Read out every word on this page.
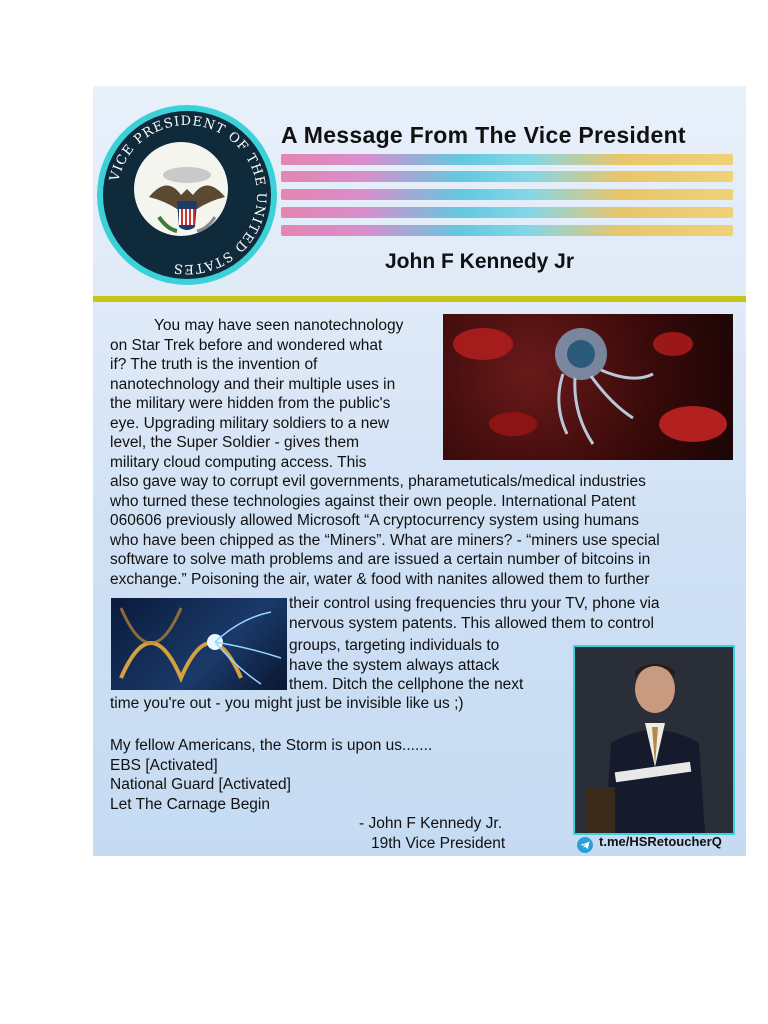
VICE PRESIDENT OF THE UNITED STATES
A Message From The Vice President
John F Kennedy Jr
You may have seen nanotechnology
on Star Trek before and wondered what
if? The truth is the invention of
nanotechnology and their multiple uses in
the military were hidden from the public's
eye. Upgrading military soldiers to a new
level, the Super Soldier - gives them
military cloud computing access. This
also gave way to corrupt evil governments, pharametuticals/medical industries
who turned these technologies against their own people. International Patent
060606 previously allowed Microsoft “A cryptocurrency system using humans
who have been chipped as the “Miners”. What are miners? - “miners use special
software to solve math problems and are issued a certain number of bitcoins in
exchange.” Poisoning the air, water & food with nanites allowed them to further
their control using frequencies thru your TV, phone via
nervous system patents. This allowed them to control
groups, targeting individuals to
have the system always attack
them. Ditch the cellphone the next
time you're out - you might just be invisible like us ;)
My fellow Americans, the Storm is upon us.......
EBS [Activated]
National Guard [Activated]
Let The Carnage Begin
- John F Kennedy Jr.
19th Vice President	t.me/HSRetoucherQ
